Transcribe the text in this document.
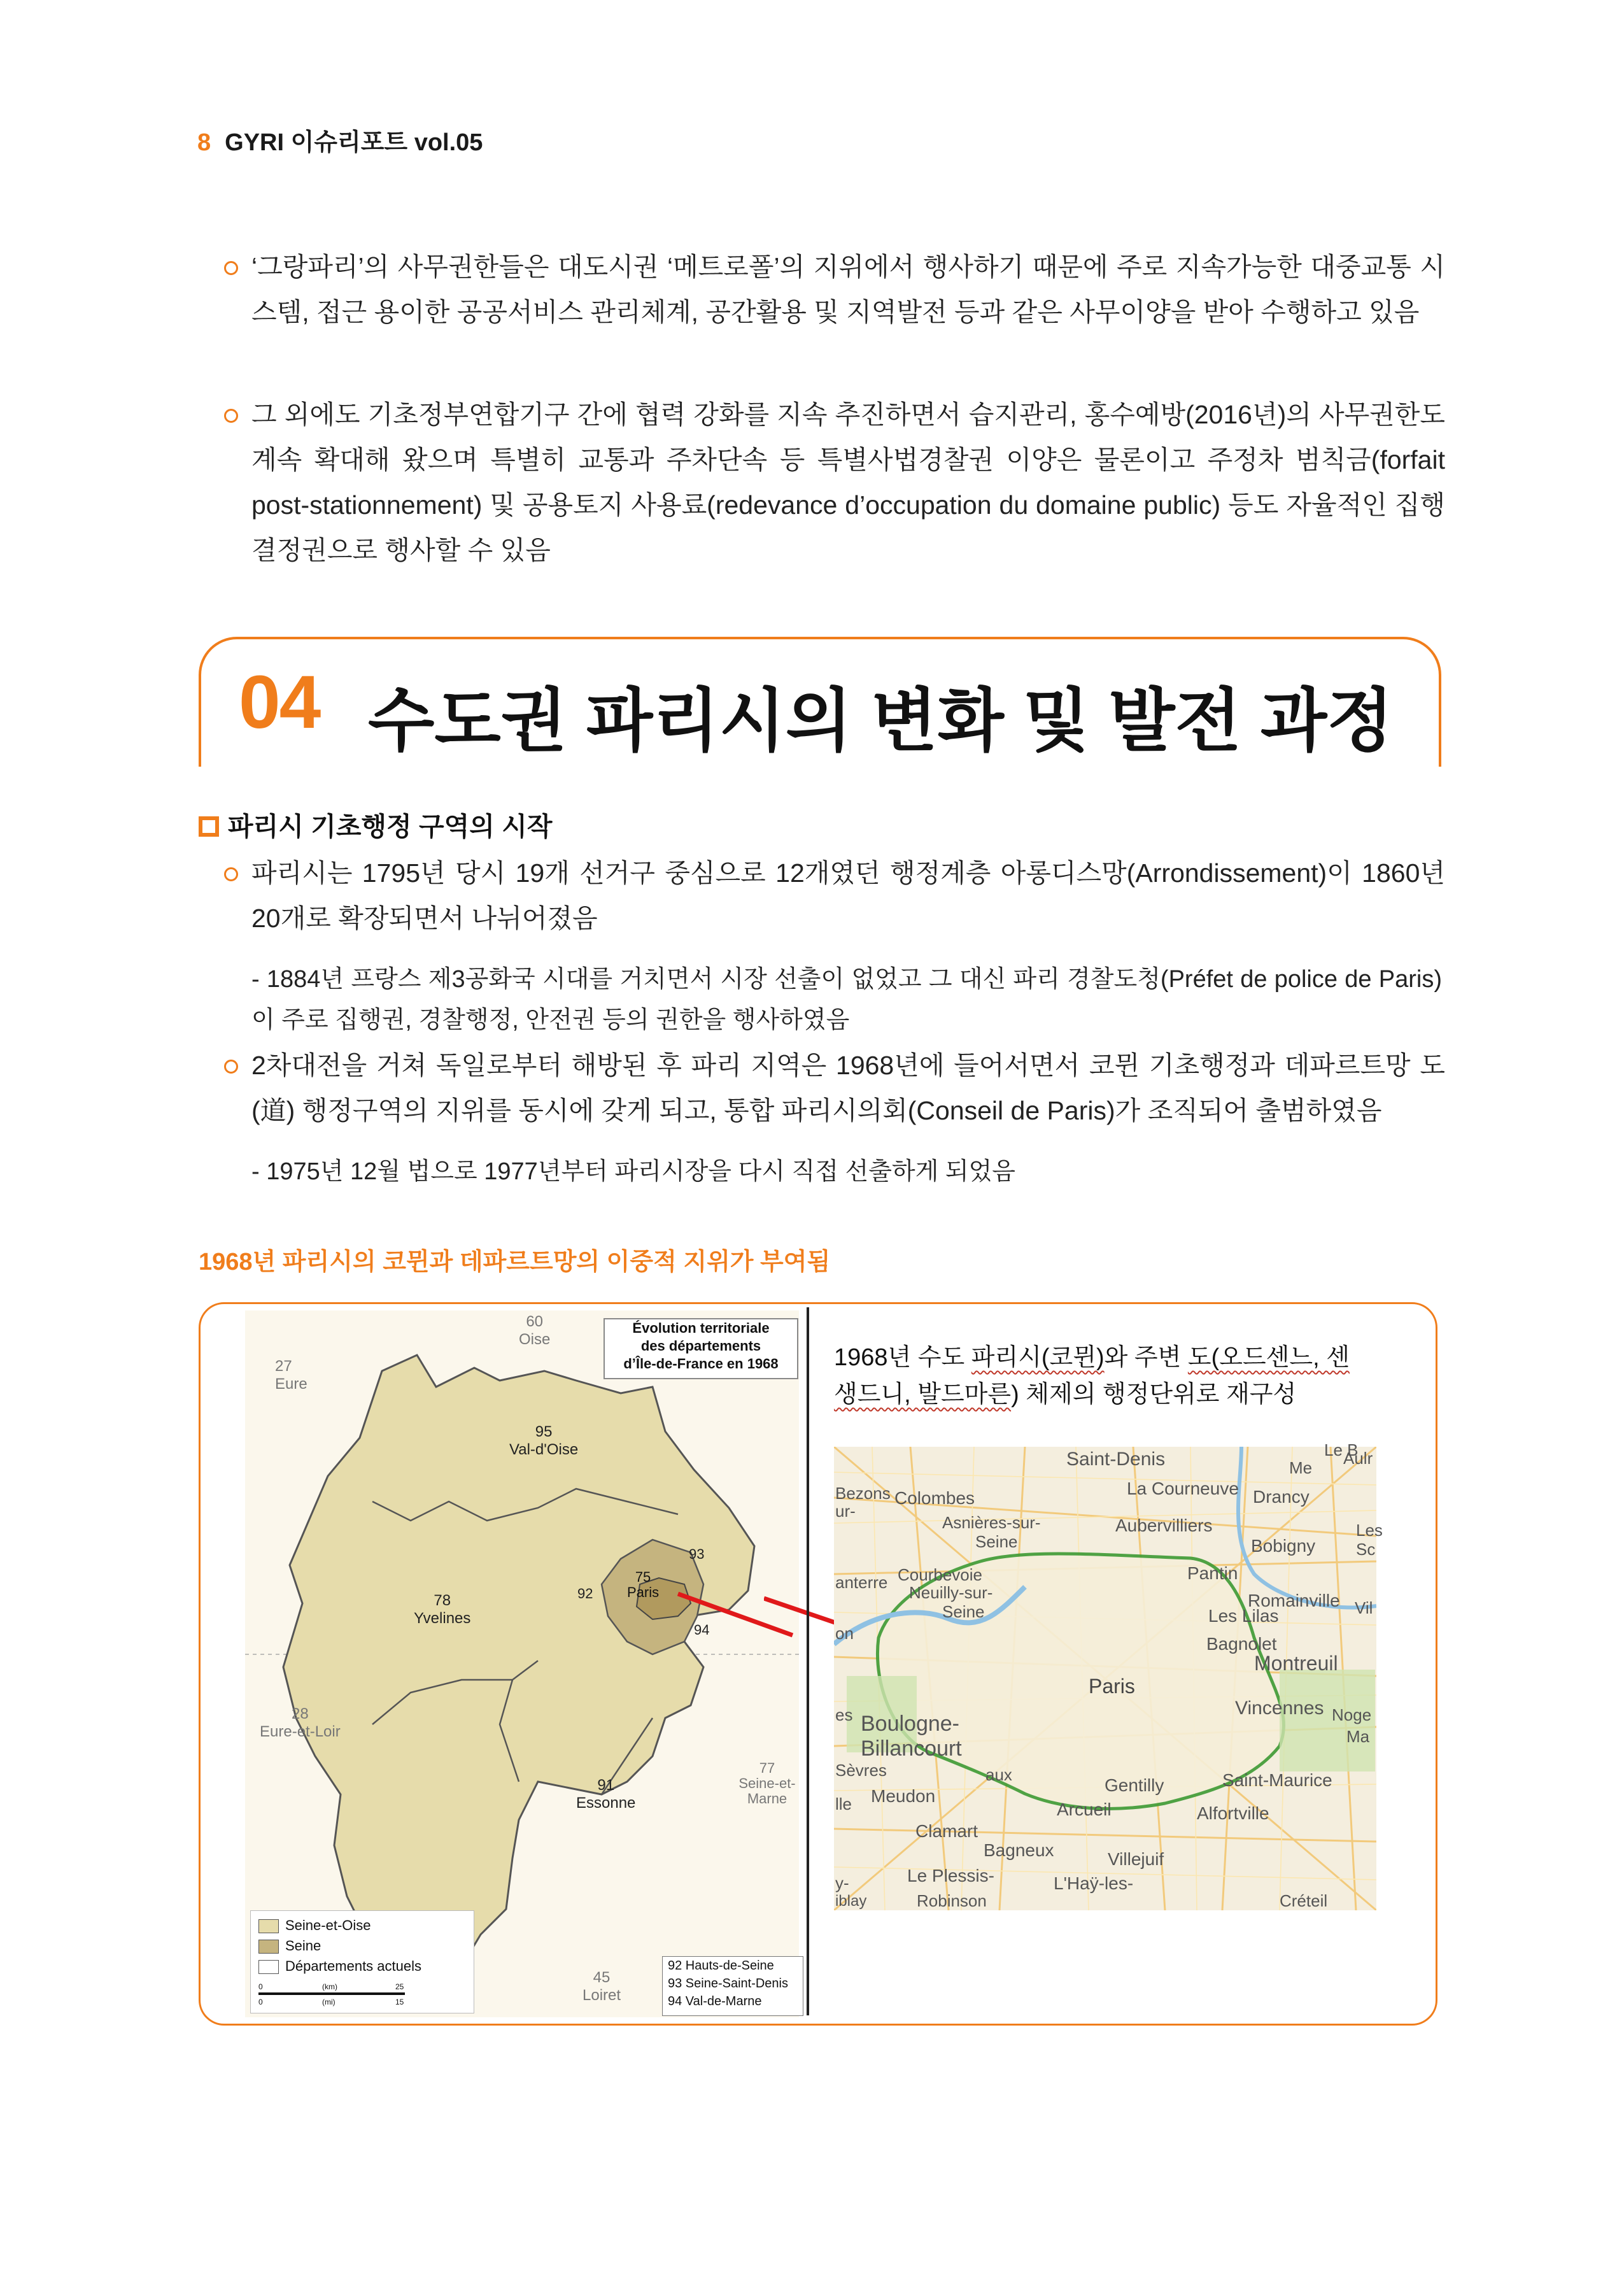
8 GYRI 이슈리포트 vol.05
‘그랑파리’의 사무권한들은 대도시권 ‘메트로폴’의 지위에서 행사하기 때문에 주로 지속가능한 대중교통 시스템, 접근 용이한 공공서비스 관리체계, 공간활용 및 지역발전 등과 같은 사무이양을 받아 수행하고 있음
그 외에도 기초정부연합기구 간에 협력 강화를 지속 추진하면서 습지관리, 홍수예방(2016년)의 사무권한도 계속 확대해 왔으며 특별히 교통과 주차단속 등 특별사법경찰권 이양은 물론이고 주정차 범칙금(forfait post-stationnement) 및 공용토지 사용료(redevance d’occupation du domaine public) 등도 자율적인 집행결정권으로 행사할 수 있음
04 수도권 파리시의 변화 및 발전 과정
파리시 기초행정 구역의 시작
파리시는 1795년 당시 19개 선거구 중심으로 12개였던 행정계층 아롱디스망(Arrondissement)이 1860년 20개로 확장되면서 나뉘어졌음
- 1884년 프랑스 제3공화국 시대를 거치면서 시장 선출이 없었고 그 대신 파리 경찰도청(Préfet de police de Paris)이 주로 집행권, 경찰행정, 안전권 등의 권한을 행사하였음
2차대전을 거쳐 독일로부터 해방된 후 파리 지역은 1968년에 들어서면서 코뮌 기초행정과 데파르트망 도(道) 행정구역의 지위를 동시에 갖게 되고, 통합 파리시의회(Conseil de Paris)가 조직되어 출범하였음
- 1975년 12월 법으로 1977년부터 파리시장을 다시 직접 선출하게 되었음
1968년 파리시의 코뮌과 데파르트망의 이중적 지위가 부여됨
60
Oise
27
Eure
95
Val-d'Oise
78
Yvelines
92
75
Paris
93
94
28
Eure-et-Loir
91
Essonne
77
Seine-et-Marne
45
Loiret
Évolution territoriale
des départements
d’Île-de-France en 1968
Seine-et-Oise
Seine
Départements actuels
0	(km)	25
0	(mi)	15
92 Hauts-de-Seine
93 Seine-Saint-Denis
94 Val-de-Marne
1968년 수도 파리시(코뮌)와 주변 도(오드센느, 센
생드니, 발드마른) 체제의 행정단위로 재구성
Saint-Denis	Aulr
Me
Le B
Bezons Colombes	La Courneuve Drancy
ur-
Asnières-sur-
Seine
Aubervilliers	Les
Bobigny Sc
anterre Courbevoie
Neuilly-sur-
Seine
Pantin
Romainville
Les Lilas	Vil
on
Bagnolet
Montreuil
Paris
Vincennes Noge
es Boulogne-
Billancourt	Ma
Sèvres	aux
Gentilly	Saint-Maurice
lle Meudon
Arcueil	Alfortville
Clamart
Bagneux	Villejuif
y-	Le Plessis-	L'Haÿ-les-
iblay	Robinson	Créteil
